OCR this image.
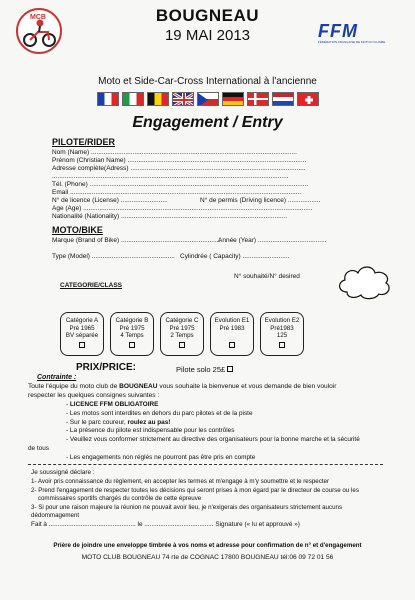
MCB	BOUGNEAU
19 MAI 2013	FFM
FÉDÉRATION FRANÇAISE DE MOTOCYCLISME
Moto et Side-Car-Cross International à l'ancienne
Engagement / Entry
PILOTE/RIDER
Nom (Name) ..................................................................................................................
Prénom (Christian Name) ...................................................................................................
Adresse complète(Adress) .................................................................................................
...................................................................................................................................
Tél. (Phone) .........................................................................................................................
Email ................................................................................................................................
N° de licence (License) ..........................	N° de permis (Driving licence) ..................
Age (Age) ...............................................................................................................................
Nationalité (Nationality) ............................................................................................
MOTO/BIKE
Marque (Brand of Bike) .......................................................
Année (Year) ......................................
Type (Model) .............................................. Cylindrée ( Capacity) ..........................
N° souhaité/N° desired
CATEGORIE/CLASS
Catégorie A
Pré 1965
BV séparée
Catégorie B
Pré 1975
4 Temps
Catégorie C
Pré 1975
2 Temps
Evolution E1
Pré 1983

Evolution E2
Pré1983
125
PRIX/PRICE:	Pilote solo 25£
Contrainte :
Toute l'équipe du moto club de BOUGNEAU vous souhaite la bienvenue et vous demande de bien vouloir
respecter les quelques consignes suivantes :
- LICENCE FFM OBLIGATOIRE
- Les motos sont interdites en dehors du parc pilotes et de la piste
- Sur le parc coureur, roulez au pas!
- La présence du pilote est indispensable pour les contrôles
- Veuillez vous conformer strictement au directive des organisateurs pour la bonne marche et la sécurité
de tous
- Les engagements non réglés ne pourront pas être pris en compte
Je soussigné déclare :
1- Avoir pris connaissance du règlement, en accepter les termes et m'engage à m'y soumettre et le respecter
2- Prend l'engagement de respecter toutes les décisions qui seront prises à mon égard par le directeur de course ou les
commissaires sportifs chargés du contrôle de cette épreuve
3- Si pour une raison majeure la réunion ne pouvait avoir lieu, je n'exigerais des organisateurs strictement aucuns
dédommagement
Fait à ................................................. le ....................................... Signature (« lu et approuvé »)
Prière de joindre une enveloppe timbrée à vos noms et adresse pour confirmation de n° et d'engagement
MOTO CLUB BOUGNEAU 74 rte de COGNAC 17800 BOUGNEAU tél:06 09 72 01 56
